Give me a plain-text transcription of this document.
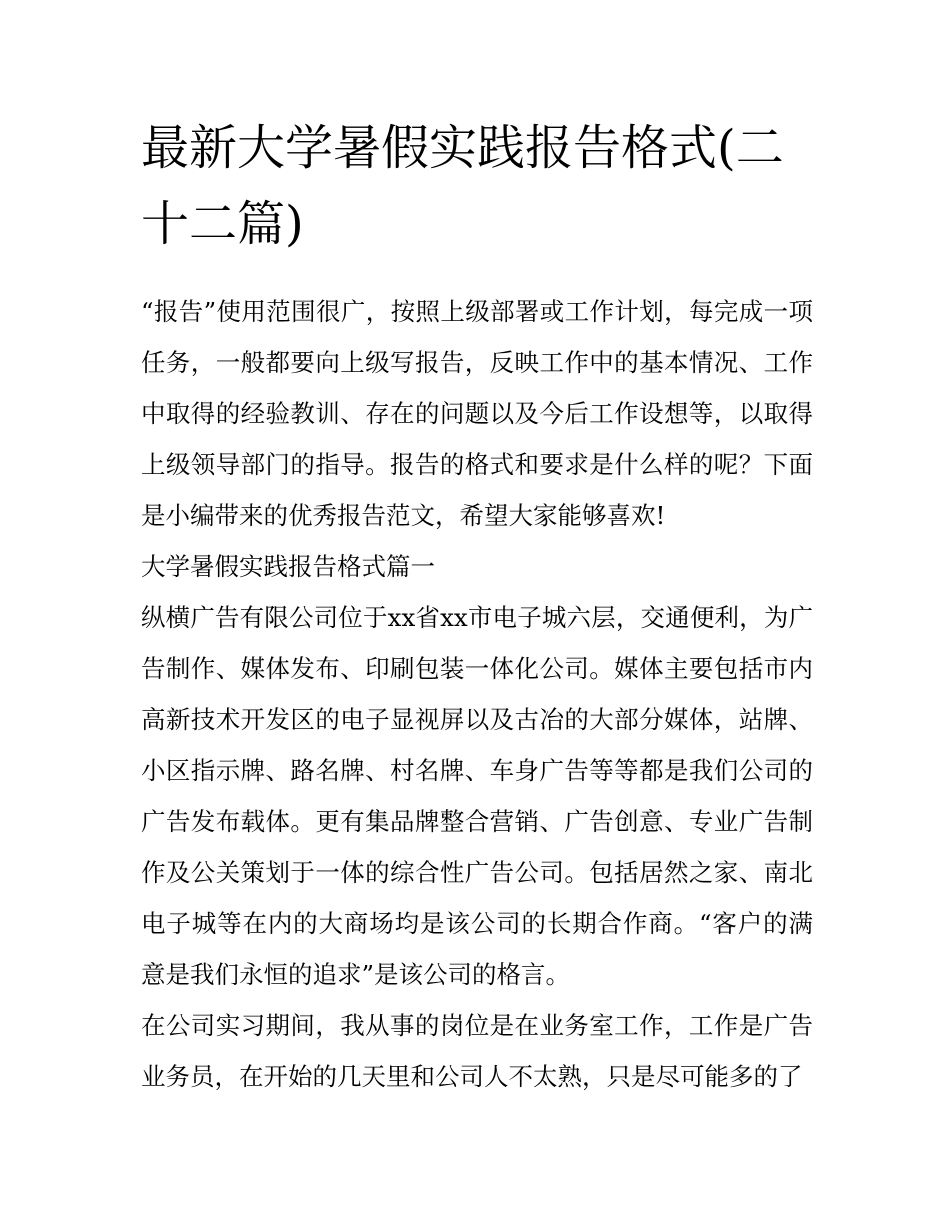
最新大学暑假实践报告格式(二十二篇)

“报告”使用范围很广，按照上级部署或工作计划，每完成一项任务，一般都要向上级写报告，反映工作中的基本情况、工作中取得的经验教训、存在的问题以及今后工作设想等，以取得上级领导部门的指导。报告的格式和要求是什么样的呢？下面是小编带来的优秀报告范文，希望大家能够喜欢!

大学暑假实践报告格式篇一

纵横广告有限公司位于xx省xx市电子城六层，交通便利，为广告制作、媒体发布、印刷包装一体化公司。媒体主要包括市内高新技术开发区的电子显视屏以及古冶的大部分媒体，站牌、小区指示牌、路名牌、村名牌、车身广告等等都是我们公司的广告发布载体。更有集品牌整合营销、广告创意、专业广告制作及公关策划于一体的综合性广告公司。包括居然之家、南北电子城等在内的大商场均是该公司的长期合作商。“客户的满意是我们永恒的追求”是该公司的格言。

在公司实习期间，我从事的岗位是在业务室工作，工作是广告业务员，在开始的几天里和公司人不太熟，只是尽可能多的了
